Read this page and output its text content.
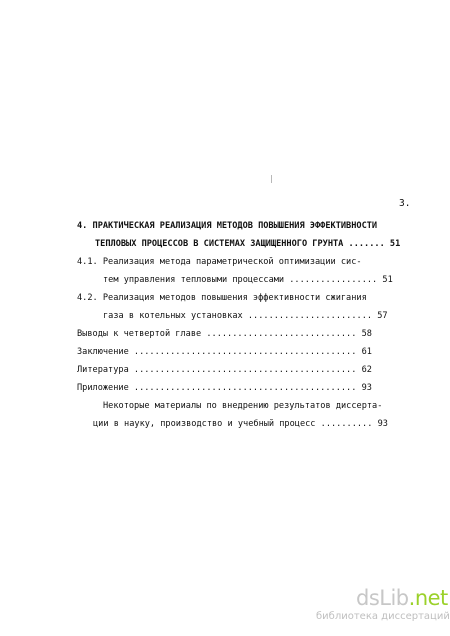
3.
4. ПРАКТИЧЕСКАЯ РЕАЛИЗАЦИЯ МЕТОДОВ ПОВЫШЕНИЯ ЭФФЕКТИВНОСТИ
ТЕПЛОВЫХ ПРОЦЕССОВ В СИСТЕМАХ ЗАЩИЩЕННОГО ГРУНТА ....... 51
4.1. Реализация метода параметрической оптимизации сис-
тем управления тепловыми процессами ................. 51
4.2. Реализация методов повышения эффективности сжигания
газа в котельных установках ........................ 57
Выводы к четвертой главе ............................. 58
Заключение ........................................... 61
Литература ........................................... 62
Приложение ........................................... 93
Некоторые материалы по внедрению результатов диссерта-
ции в науку, производство и учебный процесс .......... 93
dsLib.net
библиотека диссертаций
